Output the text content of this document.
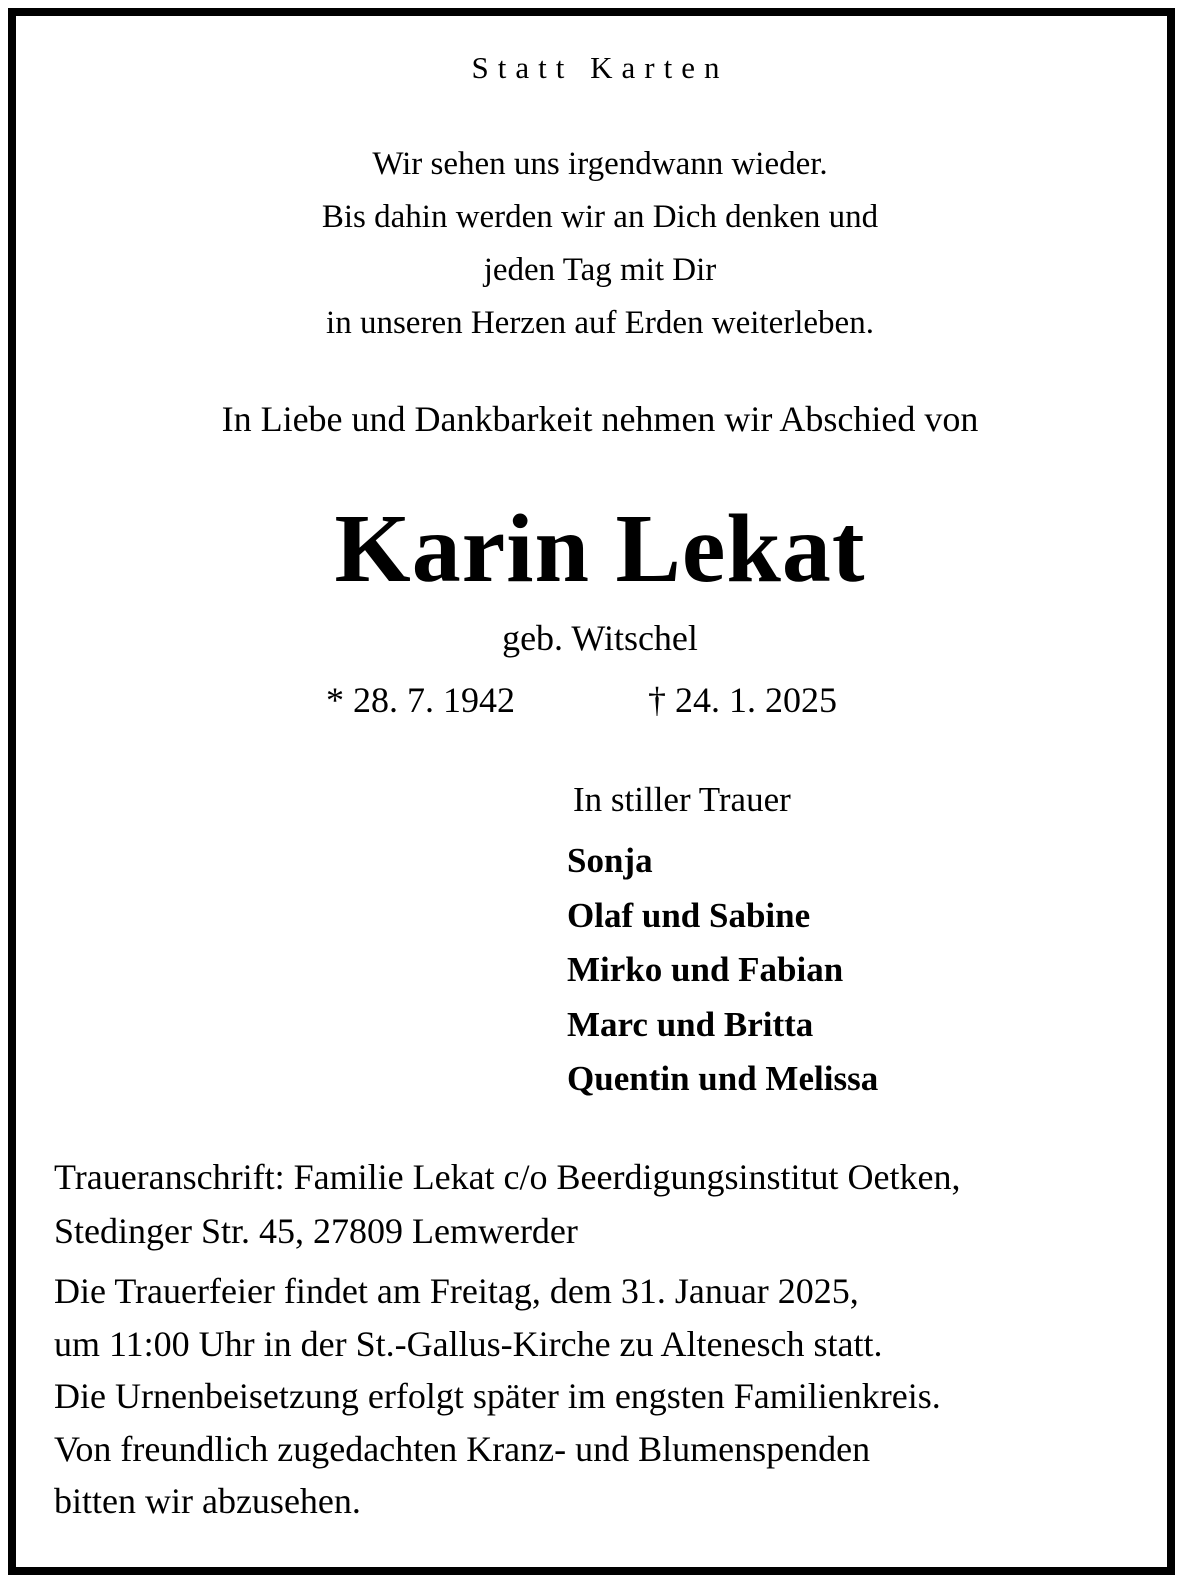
Statt Karten
Wir sehen uns irgendwann wieder.
Bis dahin werden wir an Dich denken und
jeden Tag mit Dir
in unseren Herzen auf Erden weiterleben.
In Liebe und Dankbarkeit nehmen wir Abschied von
Karin Lekat
geb. Witschel
* 28. 7. 1942	† 24. 1. 2025
In stiller Trauer
Sonja
Olaf und Sabine
Mirko und Fabian
Marc und Britta
Quentin und Melissa
Traueranschrift: Familie Lekat c/o Beerdigungsinstitut Oetken,
Stedinger Str. 45, 27809 Lemwerder
Die Trauerfeier findet am Freitag, dem 31. Januar 2025,
um 11:00 Uhr in der St.-Gallus-Kirche zu Altenesch statt.
Die Urnenbeisetzung erfolgt später im engsten Familienkreis.
Von freundlich zugedachten Kranz- und Blumenspenden
bitten wir abzusehen.
